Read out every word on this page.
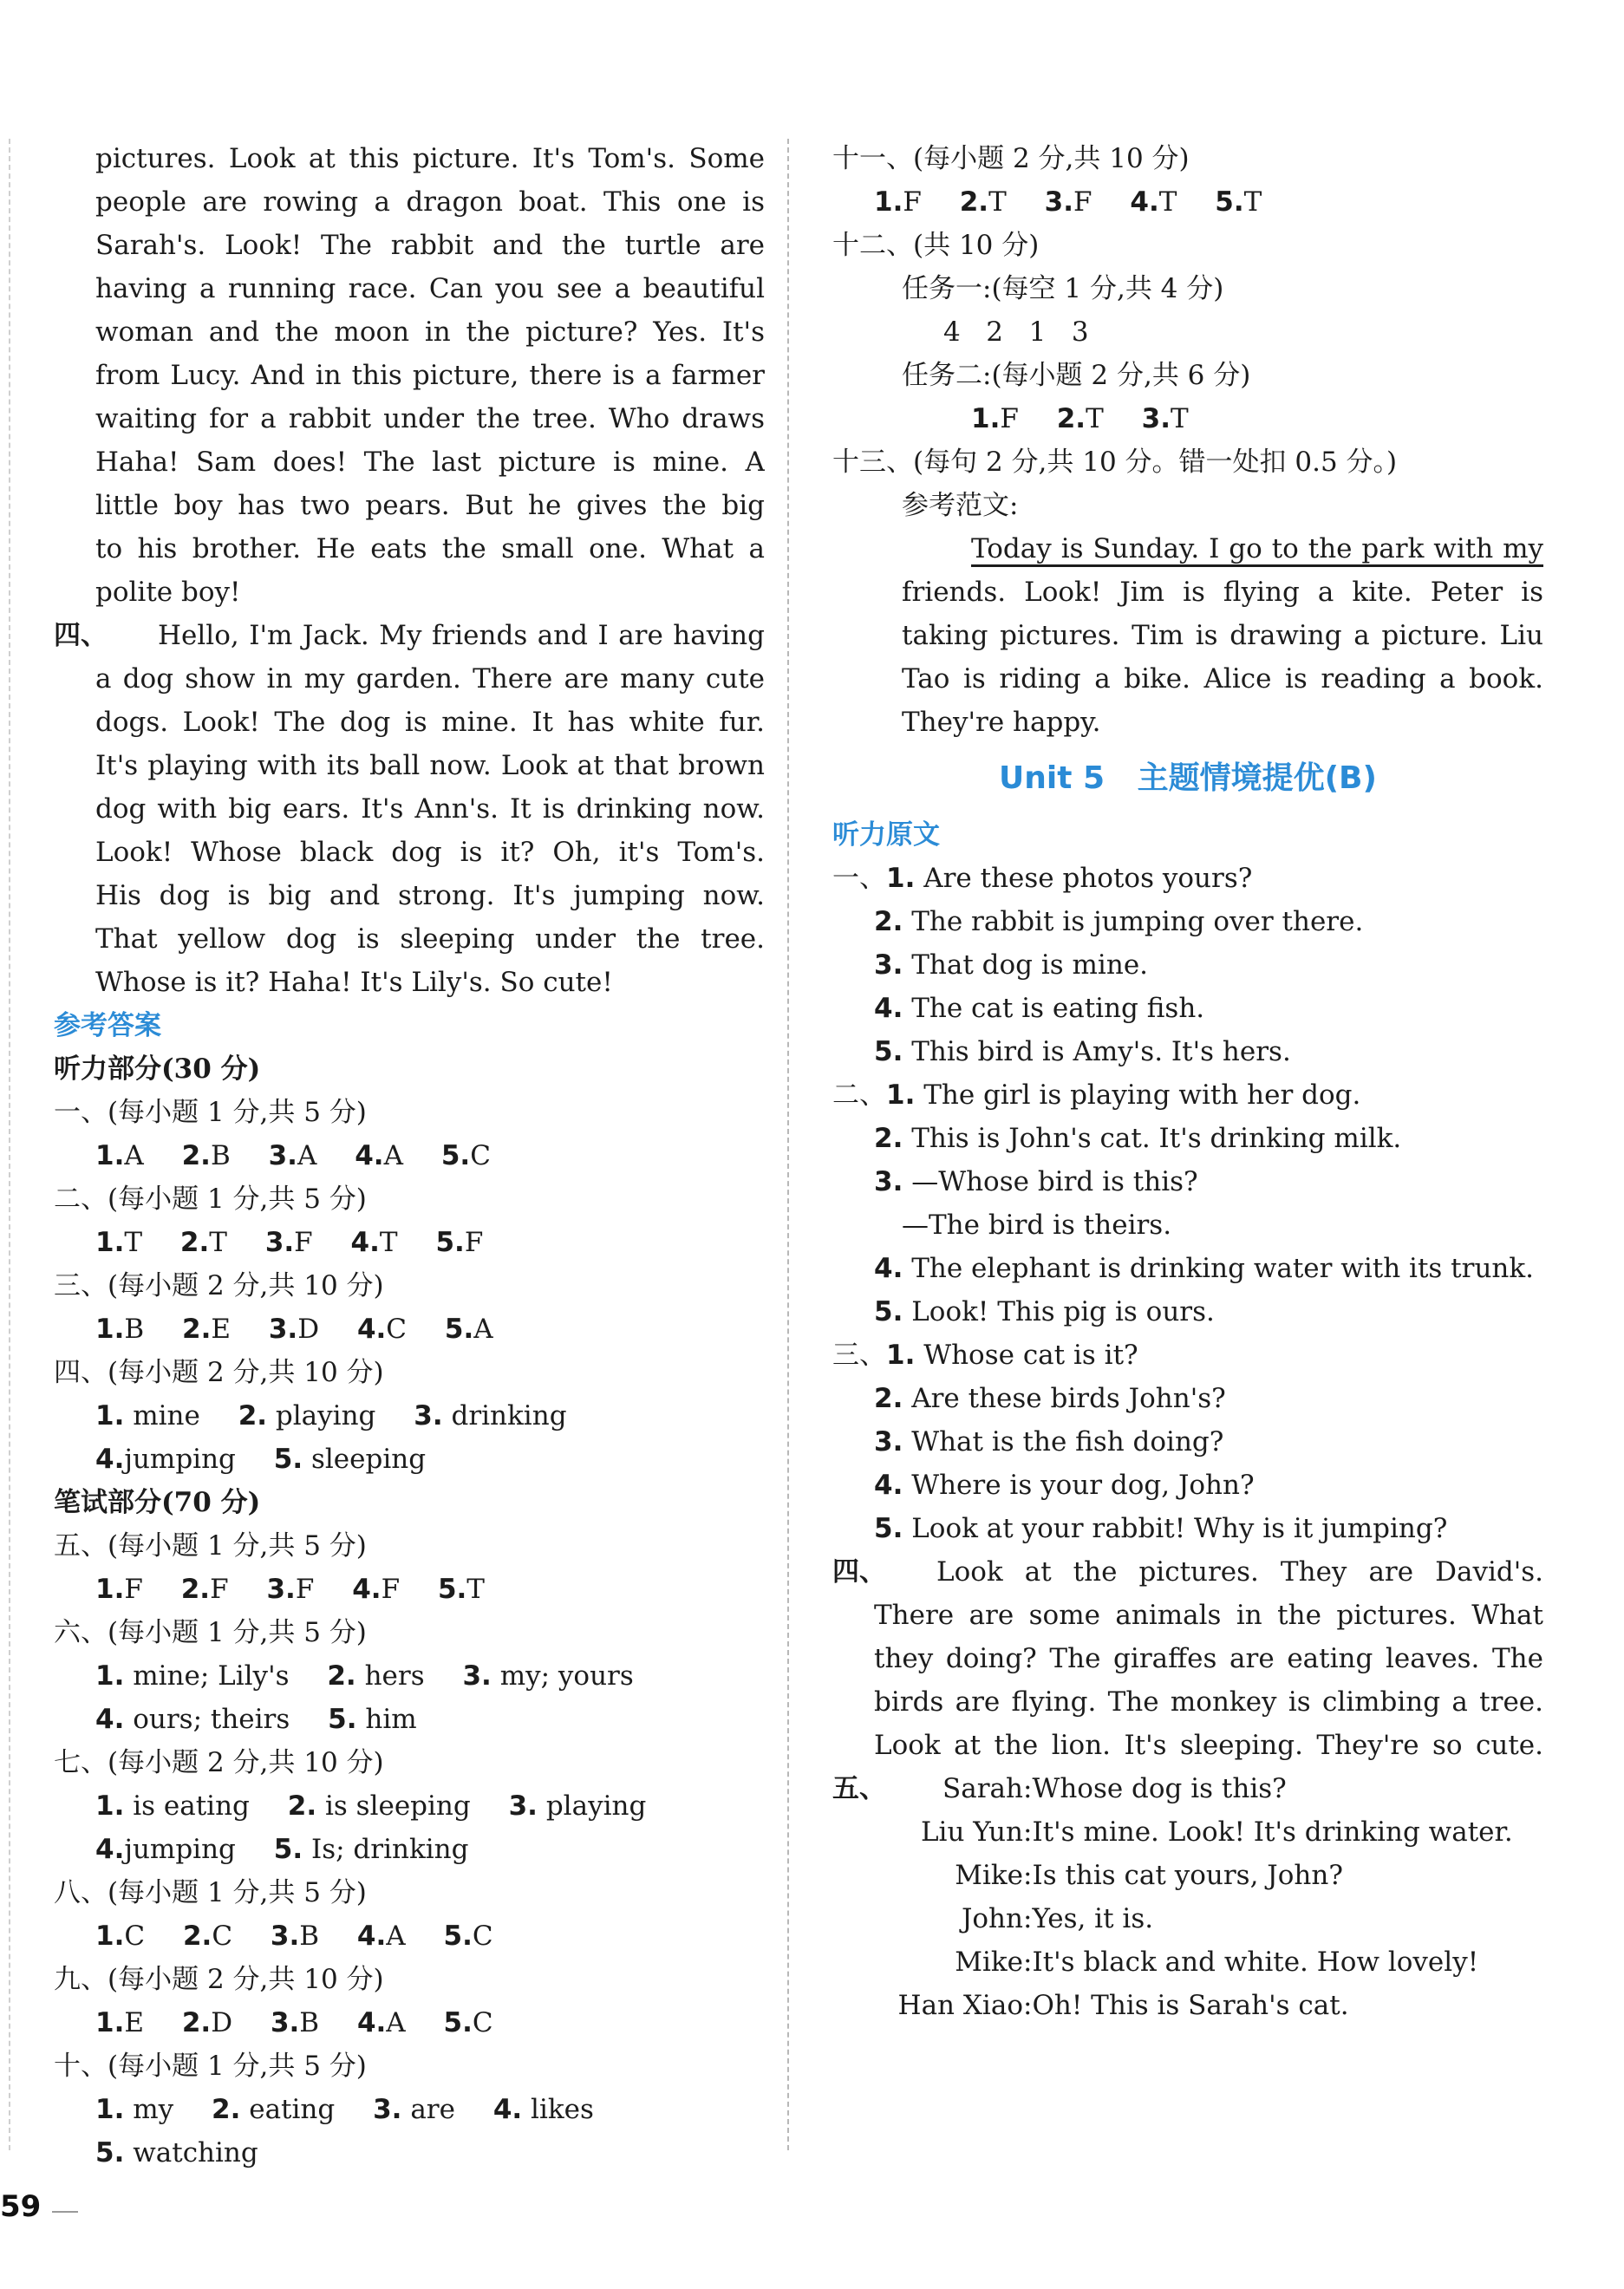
pictures. Look at this picture. It's Tom's. Some
people are rowing a dragon boat. This one is
Sarah's. Look! The rabbit and the turtle are
having a running race. Can you see a beautiful
woman and the moon in the picture? Yes. It's
from Lucy. And in this picture, there is a farmer
waiting for a rabbit under the tree. Who draws
Haha! Sam does! The last picture is mine. A
little boy has two pears. But he gives the big
to his brother. He eats the small one. What a
polite boy!
四、	Hello, I'm Jack. My friends and I are having
a dog show in my garden. There are many cute
dogs. Look! The dog is mine. It has white fur.
It's playing with its ball now. Look at that brown
dog with big ears. It's Ann's. It is drinking now.
Look! Whose black dog is it? Oh, it's Tom's.
His dog is big and strong. It's jumping now.
That yellow dog is sleeping under the tree.
Whose is it? Haha! It's Lily's. So cute!
参考答案
听力部分(30 分)
一、(每小题 1 分,共 5 分)
1.A 2.B 3.A 4.A 5.C
二、(每小题 1 分,共 5 分)
1.T 2.T 3.F 4.T 5.F
三、(每小题 2 分,共 10 分)
1.B 2.E 3.D 4.C 5.A
四、(每小题 2 分,共 10 分)
1. mine 2. playing 3. drinking
4.jumping 5. sleeping
笔试部分(70 分)
五、(每小题 1 分,共 5 分)
1.F 2.F 3.F 4.F 5.T
六、(每小题 1 分,共 5 分)
1. mine; Lily's 2. hers 3. my; yours
4. ours; theirs 5. him
七、(每小题 2 分,共 10 分)
1. is eating 2. is sleeping 3. playing
4.jumping 5. Is; drinking
八、(每小题 1 分,共 5 分)
1.C 2.C 3.B 4.A 5.C
九、(每小题 2 分,共 10 分)
1.E 2.D 3.B 4.A 5.C
十、(每小题 1 分,共 5 分)
1. my 2. eating 3. are 4. likes
5. watching
十一、(每小题 2 分,共 10 分)
1.F 2.T 3.F 4.T 5.T
十二、(共 10 分)
任务一:(每空 1 分,共 4 分)
4   2   1   3
任务二:(每小题 2 分,共 6 分)
1.F 2.T 3.T
十三、(每句 2 分,共 10 分。错一处扣 0.5 分。)
参考范文:
Today is Sunday. I go to the park with my
friends. Look! Jim is flying a kite. Peter is
taking pictures. Tim is drawing a picture. Liu
Tao is riding a bike. Alice is reading a book.
They're happy.
Unit 5   主题情境提优(B)
听力原文
一、1. Are these photos yours?
2. The rabbit is jumping over there.
3. That dog is mine.
4. The cat is eating fish.
5. This bird is Amy's. It's hers.
二、1. The girl is playing with her dog.
2. This is John's cat. It's drinking milk.
3. —Whose bird is this?
—The bird is theirs.
4. The elephant is drinking water with its trunk.
5. Look! This pig is ours.
三、1. Whose cat is it?
2. Are these birds John's?
3. What is the fish doing?
4. Where is your dog, John?
5. Look at your rabbit! Why is it jumping?
四、	Look at the pictures. They are David's.
There are some animals in the pictures. What
they doing? The giraffes are eating leaves. The
birds are flying. The monkey is climbing a tree.
Look at the lion. It's sleeping. They're so cute.
五、	Sarah : Whose dog is this?
Liu Yun : It's mine. Look! It's drinking water.
Mike : Is this cat yours, John?
John : Yes, it is.
Mike : It's black and white. How lovely!
Han Xiao : Oh! This is Sarah's cat.
59
